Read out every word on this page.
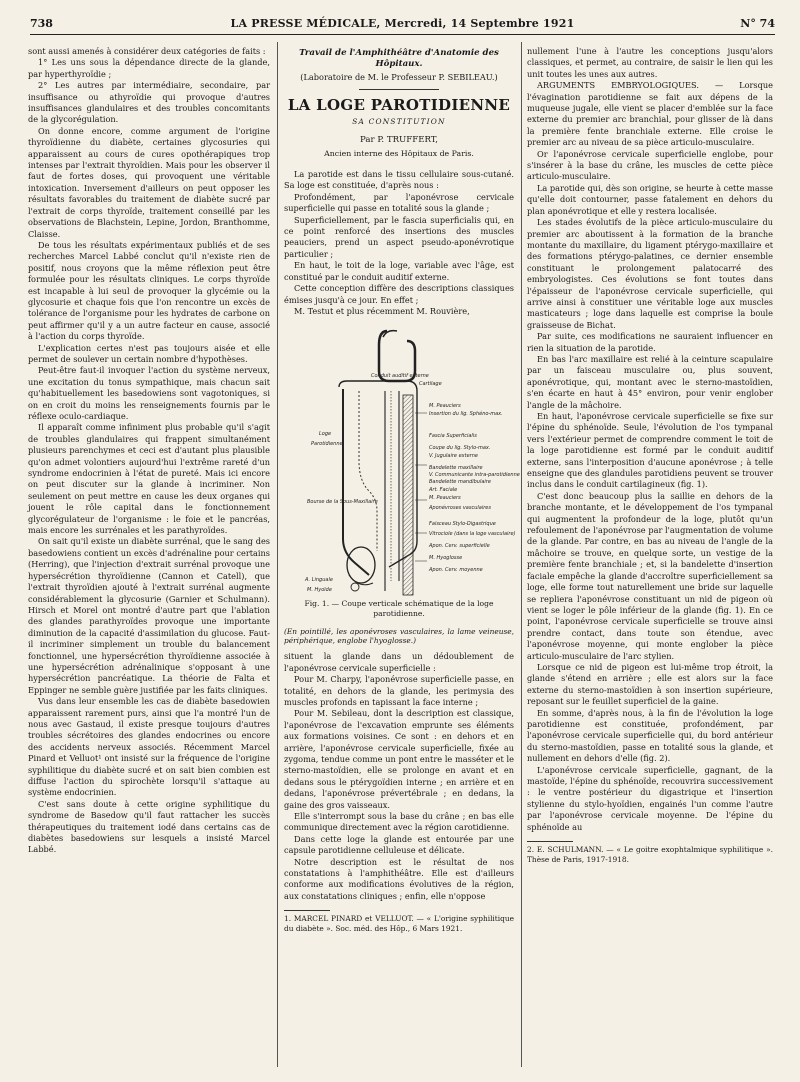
738	LA PRESSE MÉDICALE, Mercredi, 14 Septembre 1921	N° 74

sont aussi amenés à considérer deux catégories de faits :

1° Les uns sous la dépendance directe de la glande, par hyperthyroïdie ;

2° Les autres par intermédiaire, secondaire, par insuffisance ou athyroïdie qui provoque d'autres insuffisances glandulaires et des troubles concomitants de la glycorégulation.

On donne encore, comme argument de l'origine thyroïdienne du diabète, certaines glycosuries qui apparaissent au cours de cures opothérapiques trop intenses par l'extrait thyroïdien. Mais pour les observer il faut de fortes doses, qui provoquent une véritable intoxication. Inversement d'ailleurs on peut opposer les résultats favorables du traitement de diabète sucré par l'extrait de corps thyroïde, traitement conseillé par les observations de Blachstein, Lepine, Jordon, Branthomme, Claisse.

De tous les résultats expérimentaux publiés et de ses recherches Marcel Labbé conclut qu'il n'existe rien de positif, nous croyons que la même réflexion peut être formulée pour les résultats cliniques. Le corps thyroïde est incapable à lui seul de provoquer la glycémie ou la glycosurie et chaque fois que l'on rencontre un excès de tolérance de l'organisme pour les hydrates de carbone on peut affirmer qu'il y a un autre facteur en cause, associé à l'action du corps thyroïde.

L'explication certes n'est pas toujours aisée et elle permet de soulever un certain nombre d'hypothèses.

Peut-être faut-il invoquer l'action du système nerveux, une excitation du tonus sympathique, mais chacun sait qu'habituellement les basedowiens sont vagotoniques, si on en croit du moins les renseignements fournis par le réflexe oculo-cardiaque.

Il apparaît comme infiniment plus probable qu'il s'agit de troubles glandulaires qui frappent simultanément plusieurs parenchymes et ceci est d'autant plus plausible qu'on admet volontiers aujourd'hui l'extrême rareté d'un syndrome endocrinien à l'état de pureté. Mais ici encore on peut discuter sur la glande à incriminer. Non seulement on peut mettre en cause les deux organes qui jouent le rôle capital dans le fonctionnement glycorégulateur de l'organisme : le foie et le pancréas, mais encore les surrénales et les parathyroïdes.

On sait qu'il existe un diabète surrénal, que le sang des basedowiens contient un excès d'adrénaline pour certains (Herring), que l'injection d'extrait surrénal provoque une hypersécrétion thyroïdienne (Cannon et Catell), que l'extrait thyroïdien ajouté à l'extrait surrénal augmente considérablement la glycosurie (Garnier et Schulmann). Hirsch et Morel ont montré d'autre part que l'ablation des glandes parathyroïdes provoque une importante diminution de la capacité d'assimilation du glucose. Faut-il incriminer simplement un trouble du balancement fonctionnel, une hypersécrétion thyroïdienne associée à une hypersécrétion adrénalinique s'opposant à une hypersécrétion pancréatique. La théorie de Falta et Eppinger ne semble guère justifiée par les faits cliniques.

Vus dans leur ensemble les cas de diabète basedowien apparaissent rarement purs, ainsi que l'a montré l'un de nous avec Gastaud, il existe presque toujours d'autres troubles sécrétoires des glandes endocrines ou encore des accidents nerveux associés. Récemment Marcel Pinard et Velluot¹ ont insisté sur la fréquence de l'origine syphilitique du diabète sucré et on sait bien combien est diffuse l'action du spirochète lorsqu'il s'attaque au système endocrinien.

C'est sans doute à cette origine syphilitique du syndrome de Basedow qu'il faut rattacher les succès thérapeutiques du traitement iodé dans certains cas de diabètes basedowiens sur lesquels a insisté Marcel Labbé.

Travail de l'Amphithéâtre d'Anatomie des Hôpitaux.
(Laboratoire de M. le Professeur P. SEBILEAU.)
LA LOGE PAROTIDIENNE
SA CONSTITUTION
Par P. TRUFFERT,
Ancien interne des Hôpitaux de Paris.

La parotide est dans le tissu cellulaire sous-cutané. Sa loge est constituée, d'après nous :

Profondément, par l'aponévrose cervicale superficielle qui passe en totalité sous la glande ;

Superficiellement, par le fascia superficialis qui, en ce point renforcé des insertions des muscles peauciers, prend un aspect pseudo-aponévrotique particulier ;

En haut, le toit de la loge, variable avec l'âge, est constitué par le conduit auditif externe.

Cette conception diffère des descriptions classiques émises jusqu'à ce jour. En effet ;

M. Testut et plus récemment M. Rouvière,

Conduit auditif externe
Cartilage
M. Peauciers
Insertion du lig. Sphéno-max.
Loge
Parotidienne
Fascia Superficialis
Coupe du lig. Stylo-max.
V. Jugulaire externe
Bandelette maxillaire
V. Communicante intra-parotidienne
Bandelette mandibulaire
Art. Faciale
M. Peauciers
Aponévroses vasculaires
Bourse de la Sous-Maxillaire
Faisceau Stylo-Digastrique
Vitrociole (dans la loge vasculaire)
Apon. Cerv. superficielle
M. Hyoglosse
A. Linguale
M. Hyoïde
Apon. Cerv. moyenne
Fig. 1. — Coupe verticale schématique de la loge parotidienne.
(En pointillé, les aponévroses vasculaires, la lame veineuse, périphérique, englobe l'hyoglosse.)

situent la glande dans un dédoublement de l'aponévrose cervicale superficielle :

Pour M. Charpy, l'aponévrose superficielle passe, en totalité, en dehors de la glande, les perimysia des muscles profonds en tapissant la face interne ;

Pour M. Sebileau, dont la description est classique, l'aponévrose de l'excavation emprunte ses éléments aux formations voisines. Ce sont : en dehors et en arrière, l'aponévrose cervicale superficielle, fixée au zygoma, tendue comme un pont entre le masséter et le sterno-mastoïdien, elle se prolonge en avant et en dedans sous le ptérygoïdien interne ; en arrière et en dedans, l'aponévrose prévertébrale ; en dedans, la gaine des gros vaisseaux.

Elle s'interrompt sous la base du crâne ; en bas elle communique directement avec la région carotidienne.

Dans cette loge la glande est entourée par une capsule parotidienne celluleuse et délicate.

Notre description est le résultat de nos constatations à l'amphithéâtre. Elle est d'ailleurs conforme aux modifications évolutives de la région, aux constatations cliniques ; enfin, elle n'oppose

1. MARCEL PINARD et VELLUOT. — « L'origine syphilitique du diabète ». Soc. méd. des Hôp., 6 Mars 1921.

nullement l'une à l'autre les conceptions jusqu'alors classiques, et permet, au contraire, de saisir le lien qui les unit toutes les unes aux autres.

ARGUMENTS EMBRYOLOGIQUES. — Lorsque l'évagination parotidienne se fait aux dépens de la muqueuse jugale, elle vient se placer d'emblée sur la face externe du premier arc branchial, pour glisser de là dans la première fente branchiale externe. Elle croise le premier arc au niveau de sa pièce articulo-musculaire.

Or l'aponévrose cervicale superficielle englobe, pour s'insérer à la base du crâne, les muscles de cette pièce articulo-musculaire.

La parotide qui, dès son origine, se heurte à cette masse qu'elle doit contourner, passe fatalement en dehors du plan aponévrotique et elle y restera localisée.

Les stades évolutifs de la pièce articulo-musculaire du premier arc aboutissent à la formation de la branche montante du maxillaire, du ligament ptérygo-maxillaire et des formations ptérygo-palatines, ce dernier ensemble constituant le prolongement palatocarré des embryologistes. Ces évolutions se font toutes dans l'épaisseur de l'aponévrose cervicale superficielle, qui arrive ainsi à constituer une véritable loge aux muscles masticateurs ; loge dans laquelle est comprise la boule graisseuse de Bichat.

Par suite, ces modifications ne sauraient influencer en rien la situation de la parotide.

En bas l'arc maxillaire est relié à la ceinture scapulaire par un faisceau musculaire ou, plus souvent, aponévrotique, qui, montant avec le sterno-mastoïdien, s'en écarte en haut à 45° environ, pour venir englober l'angle de la mâchoire.

En haut, l'aponévrose cervicale superficielle se fixe sur l'épine du sphénoïde. Seule, l'évolution de l'os tympanal vers l'extérieur permet de comprendre comment le toit de la loge parotidienne est formé par le conduit auditif externe, sans l'interposition d'aucune aponévrose ; à telle enseigne que des glandules parotidiens peuvent se trouver inclus dans le conduit cartilagineux (fig. 1).

C'est donc beaucoup plus la saillie en dehors de la branche montante, et le développement de l'os tympanal qui augmentent la profondeur de la loge, plutôt qu'un refoulement de l'aponévrose par l'augmentation de volume de la glande. Par contre, en bas au niveau de l'angle de la mâchoire se trouve, en quelque sorte, un vestige de la première fente branchiale ; et, si la bandelette d'insertion faciale empêche la glande d'accroître superficiellement sa loge, elle forme tout naturellement une bride sur laquelle se repliera l'aponévrose constituant un nid de pigeon où vient se loger le pôle inférieur de la glande (fig. 1). En ce point, l'aponévrose cervicale superficielle se trouve ainsi prendre contact, dans toute son étendue, avec l'aponévrose moyenne, qui monte englober la pièce articulo-musculaire de l'arc stylien.

Lorsque ce nid de pigeon est lui-même trop étroit, la glande s'étend en arrière ; elle est alors sur la face externe du sterno-mastoïdien à son insertion supérieure, reposant sur le feuillet superficiel de la gaine.

En somme, d'après nous, à la fin de l'évolution la loge parotidienne est constituée, profondément, par l'aponévrose cervicale superficielle qui, du bord antérieur du sterno-mastoïdien, passe en totalité sous la glande, et nullement en dehors d'elle (fig. 2).

L'aponévrose cervicale superficielle, gagnant, de la mastoïde, l'épine du sphénoïde, recouvrira successivement : le ventre postérieur du digastrique et l'insertion stylienne du stylo-hyoïdien, engainés l'un comme l'autre par l'aponévrose cervicale moyenne. De l'épine du sphénoïde au

2. E. SCHULMANN. — « Le goitre exophtalmique syphilitique ». Thèse de Paris, 1917-1918.
